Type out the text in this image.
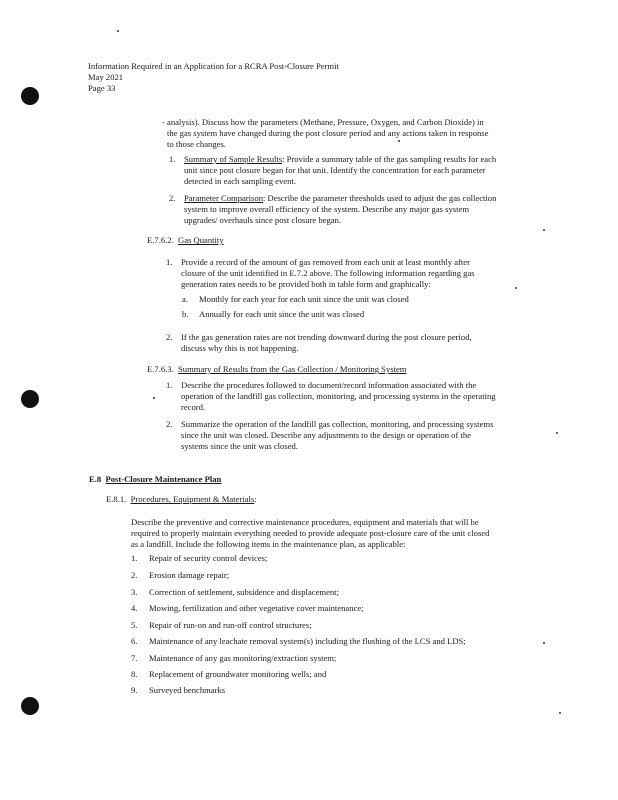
Information Required in an Application for a RCRA Post-Closure Permit
May 2021
Page 33
- analysis). Discuss how the parameters (Methane, Pressure, Oxygen, and Carbon Dioxide) in
the gas system have changed during the post closure period and any actions taken in response
to those changes.
1. Summary of Sample Results: Provide a summary table of the gas sampling results for each
unit since post closure began for that unit. Identify the concentration for each parameter
detected in each sampling event.
2. Parameter Comparison: Describe the parameter thresholds used to adjust the gas collection
system to improve overall efficiency of the system. Describe any major gas system
upgrades/ overhauls since post closure began.
E.7.6.2. Gas Quantity
1. Provide a record of the amount of gas removed from each unit at least monthly after
closure of the unit identified in E.7.2 above. The following information regarding gas
generation rates needs to be provided both in table form and graphically:
a. Monthly for each year for each unit since the unit was closed
b. Annually for each unit since the unit was closed
2. If the gas generation rates are not trending downward during the post closure period,
discuss why this is not happening.
E.7.6.3. Summary of Results from the Gas Collection / Monitoring System
1. Describe the procedures followed to document/record information associated with the
operation of the landfill gas collection, monitoring, and processing systems in the operating
record.
2. Summarize the operation of the landfill gas collection, monitoring, and processing systems
since the unit was closed. Describe any adjustments to the design or operation of the
systems since the unit was closed.
E.8 Post-Closure Maintenance Plan
E.8.1. Procedures, Equipment & Materials:
Describe the preventive and corrective maintenance procedures, equipment and materials that will be
required to properly maintain everything needed to provide adequate post-closure care of the unit closed
as a landfill. Include the following items in the maintenance plan, as applicable:
1. Repair of security control devices;
2. Erosion damage repair;
3. Correction of settlement, subsidence and displacement;
4. Mowing, fertilization and other vegetative cover maintenance;
5. Repair of run-on and run-off control structures;
6. Maintenance of any leachate removal system(s) including the flushing of the LCS and LDS;
7. Maintenance of any gas monitoring/extraction system;
8. Replacement of groundwater monitoring wells; and
9. Surveyed benchmarks
